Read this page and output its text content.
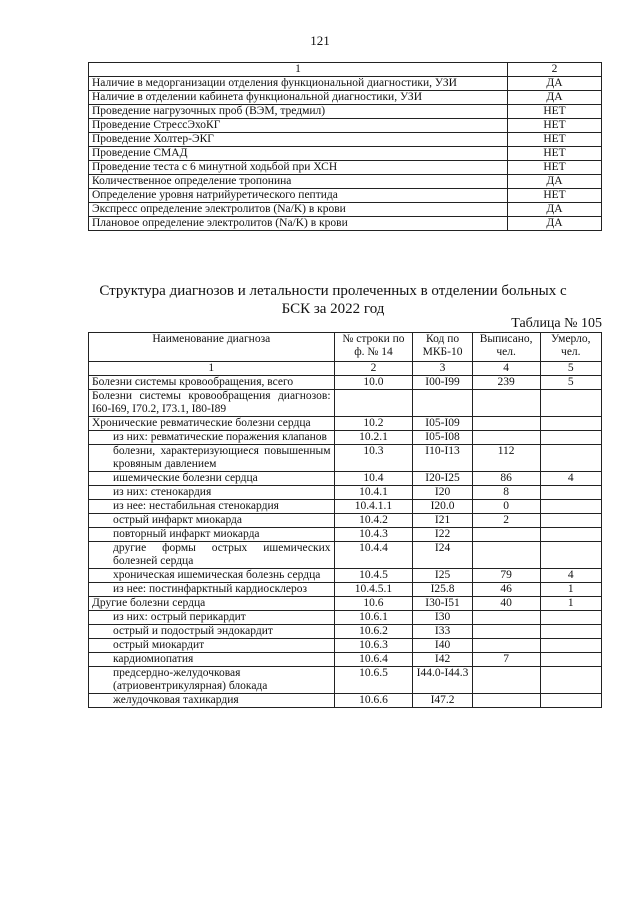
121
1	2
Наличие в медорганизации отделения функциональной диагностики, УЗИ	ДА
Наличие в отделении кабинета функциональной диагностики, УЗИ	ДА
Проведение нагрузочных проб (ВЭМ, тредмил)	НЕТ
Проведение СтрессЭхоКГ	НЕТ
Проведение Холтер-ЭКГ	НЕТ
Проведение СМАД	НЕТ
Проведение теста с 6 минутной ходьбой при ХСН	НЕТ
Количественное определение тропонина	ДА
Определение уровня натрийуретического пептида	НЕТ
Экспресс определение электролитов (Na/K) в крови	ДА
Плановое определение электролитов (Na/K) в крови	ДА
Структура диагнозов и летальности пролеченных в отделении больных с БСК за 2022 год
Таблица № 105
Наименование диагноза	№ строки по ф. № 14	Код по МКБ-10	Выписано, чел.	Умерло, чел.
1	2	3	4	5
Болезни системы кровообращения, всего	10.0	I00-I99	239	5
Болезни системы кровообращения диагнозов: I60-I69, I70.2, I73.1, I80-I89				
Хронические ревматические болезни сердца	10.2	I05-I09		
из них: ревматические поражения клапанов	10.2.1	I05-I08		
болезни, характеризующиеся повышенным кровяным давлением	10.3	I10-I13	112	
ишемические болезни сердца	10.4	I20-I25	86	4
из них: стенокардия	10.4.1	I20	8	
из нее: нестабильная стенокардия	10.4.1.1	I20.0	0	
острый инфаркт миокарда	10.4.2	I21	2	
повторный инфаркт миокарда	10.4.3	I22		
другие формы острых ишемических болезней сердца	10.4.4	I24		
хроническая ишемическая болезнь сердца	10.4.5	I25	79	4
из нее: постинфарктный кардиосклероз	10.4.5.1	I25.8	46	1
Другие болезни сердца	10.6	I30-I51	40	1
из них: острый перикардит	10.6.1	I30		
острый и подострый эндокардит	10.6.2	I33		
острый миокардит	10.6.3	I40		
кардиомиопатия	10.6.4	I42	7	
предсердно-желудочковая (атриовентрикулярная) блокада	10.6.5	I44.0-I44.3		
желудочковая тахикардия	10.6.6	I47.2		
